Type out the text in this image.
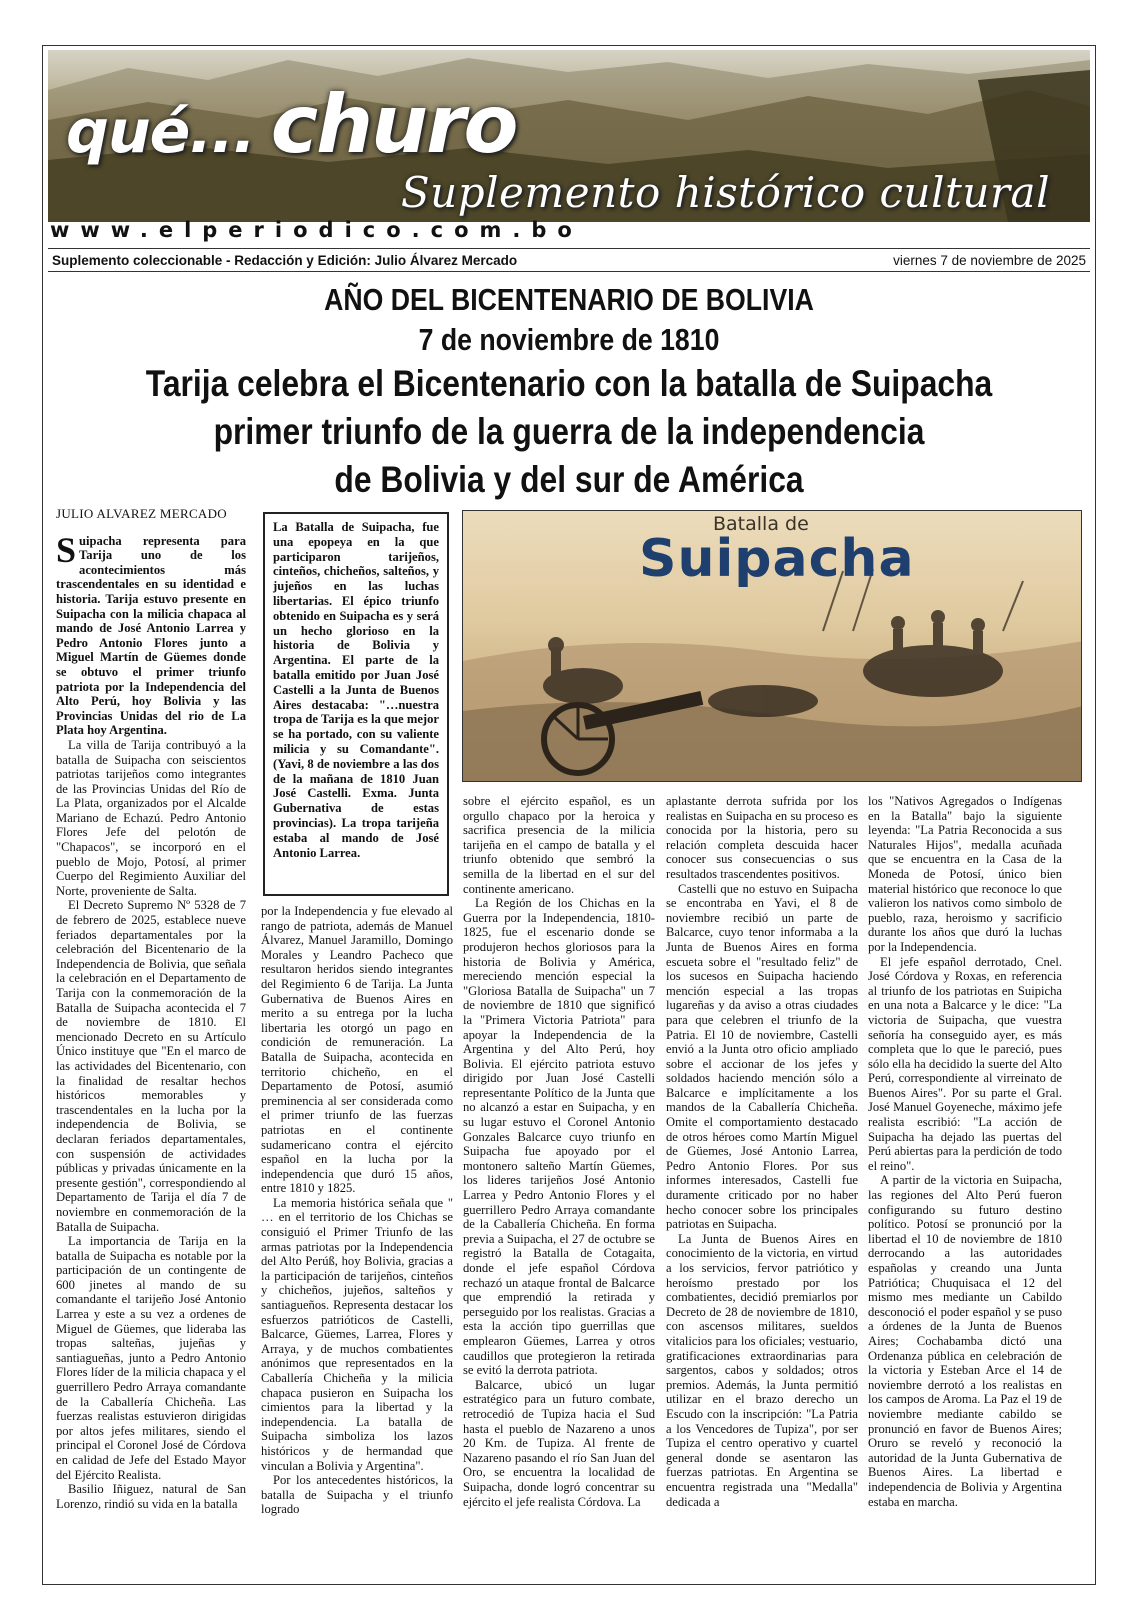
qué... churo
Suplemento histórico cultural
www.elperiodico.com.bo
Suplemento coleccionable - Redacción y Edición: Julio Álvarez Mercado	viernes 7 de noviembre de 2025
AÑO DEL BICENTENARIO DE BOLIVIA
7 de noviembre de 1810
Tarija celebra el Bicentenario con la batalla de Suipacha
primer triunfo de la guerra de la independencia
de Bolivia y del sur de América

JULIO ALVAREZ MERCADO

Suipacha representa para Tarija uno de los acontecimientos más trascendentales en su identidad e historia. Tarija estuvo presente en Suipacha con la milicia chapaca al mando de José Antonio Larrea y Pedro Antonio Flores junto a Miguel Martín de Güemes donde se obtuvo el primer triunfo patriota por la Independencia del Alto Perú, hoy Bolivia y las Provincias Unidas del rio de La Plata hoy Argentina.

La villa de Tarija contribuyó a la batalla de Suipacha con seiscientos patriotas tarijeños como integrantes de las Provincias Unidas del Río de La Plata, organizados por el Alcalde Mariano de Echazú. Pedro Antonio Flores Jefe del pelotón de "Chapacos", se incorporó en el pueblo de Mojo, Potosí, al primer Cuerpo del Regimiento Auxiliar del Norte, proveniente de Salta.

El Decreto Supremo Nº 5328 de 7 de febrero de 2025, establece nueve feriados departamentales por la celebración del Bicentenario de la Independencia de Bolivia, que señala la celebración en el Departamento de Tarija con la conmemoración de la Batalla de Suipacha acontecida el 7 de noviembre de 1810. El mencionado Decreto en su Artículo Único instituye que "En el marco de las actividades del Bicentenario, con la finalidad de resaltar hechos históricos memorables y trascendentales en la lucha por la independencia de Bolivia, se declaran feriados departamentales, con suspensión de actividades públicas y privadas únicamente en la presente gestión", correspondiendo al Departamento de Tarija el día 7 de noviembre en conmemoración de la Batalla de Suipacha.

La importancia de Tarija en la batalla de Suipacha es notable por la participación de un contingente de 600 jinetes al mando de su comandante el tarijeño José Antonio Larrea y este a su vez a ordenes de Miguel de Güemes, que lideraba las tropas salteñas, jujeñas y santiagueñas, junto a Pedro Antonio Flores líder de la milicia chapaca y el guerrillero Pedro Arraya comandante de la Caballería Chicheña. Las fuerzas realistas estuvieron dirigidas por altos jefes militares, siendo el principal el Coronel José de Córdova en calidad de Jefe del Estado Mayor del Ejército Realista.

Basilio Iñiguez, natural de San Lorenzo, rindió su vida en la batalla

La Batalla de Suipacha, fue una epopeya en la que participaron tarijeños, cinteños, chicheños, salteños, y jujeños en las luchas libertarias. El épico triunfo obtenido en Suipacha es y será un hecho glorioso en la historia de Bolivia y Argentina. El parte de la batalla emitido por Juan José Castelli a la Junta de Buenos Aires destacaba: "…nuestra tropa de Tarija es la que mejor se ha portado, con su valiente milicia y su Comandante". (Yavi, 8 de noviembre a las dos de la mañana de 1810 Juan José Castelli. Exma. Junta Gubernativa de estas provincias). La tropa tarijeña estaba al mando de José Antonio Larrea.
Batalla de
Suipacha

por la Independencia y fue elevado al rango de patriota, además de Manuel Álvarez, Manuel Jaramillo, Domingo Morales y Leandro Pacheco que resultaron heridos siendo integrantes del Regimiento 6 de Tarija. La Junta Gubernativa de Buenos Aires en merito a su entrega por la lucha libertaria les otorgó un pago en condición de remuneración. La Batalla de Suipacha, acontecida en territorio chicheño, en el Departamento de Potosí, asumió preminencia al ser considerada como el primer triunfo de las fuerzas patriotas en el continente sudamericano contra el ejército español en la lucha por la independencia que duró 15 años, entre 1810 y 1825.

La memoria histórica señala que " … en el territorio de los Chichas se consiguió el Primer Triunfo de las armas patriotas por la Independencia del Alto Perúß, hoy Bolivia, gracias a la participación de tarijeños, cinteños y chicheños, jujeños, salteños y santiagueños. Representa destacar los esfuerzos patrióticos de Castelli, Balcarce, Güemes, Larrea, Flores y Arraya, y de muchos combatientes anónimos que representados en la Caballería Chicheña y la milicia chapaca pusieron en Suipacha los cimientos para la libertad y la independencia. La batalla de Suipacha simboliza los lazos históricos y de hermandad que vinculan a Bolivia y Argentina".

Por los antecedentes históricos, la batalla de Suipacha y el triunfo logrado

sobre el ejército español, es un orgullo chapaco por la heroica y sacrifica presencia de la milicia tarijeña en el campo de batalla y el triunfo obtenido que sembró la semilla de la libertad en el sur del continente americano.

La Región de los Chichas en la Guerra por la Independencia, 1810-1825, fue el escenario donde se produjeron hechos gloriosos para la historia de Bolivia y América, mereciendo mención especial la "Gloriosa Batalla de Suipacha" un 7 de noviembre de 1810 que significó la "Primera Victoria Patriota" para apoyar la Independencia de la Argentina y del Alto Perú, hoy Bolivia. El ejército patriota estuvo dirigido por Juan José Castelli representante Político de la Junta que no alcanzó a estar en Suipacha, y en su lugar estuvo el Coronel Antonio Gonzales Balcarce cuyo triunfo en Suipacha fue apoyado por el montonero salteño Martín Güemes, los lideres tarijeños José Antonio Larrea y Pedro Antonio Flores y el guerrillero Pedro Arraya comandante de la Caballería Chicheña. En forma previa a Suipacha, el 27 de octubre se registró la Batalla de Cotagaita, donde el jefe español Córdova rechazó un ataque frontal de Balcarce que emprendió la retirada y perseguido por los realistas. Gracias a esta la acción tipo guerrillas que emplearon Güemes, Larrea y otros caudillos que protegieron la retirada se evitó la derrota patriota.

Balcarce, ubicó un lugar estratégico para un futuro combate, retrocedió de Tupiza hacia el Sud hasta el pueblo de Nazareno a unos 20 Km. de Tupiza. Al frente de Nazareno pasando el río San Juan del Oro, se encuentra la localidad de Suipacha, donde logró concentrar su ejército el jefe realista Córdova. La

aplastante derrota sufrida por los realistas en Suipacha en su proceso es conocida por la historia, pero su relación completa descuida hacer conocer sus consecuencias o sus resultados trascendentes positivos.

Castelli que no estuvo en Suipacha se encontraba en Yavi, el 8 de noviembre recibió un parte de Balcarce, cuyo tenor informaba a la Junta de Buenos Aires en forma escueta sobre el "resultado feliz" de los sucesos en Suipacha haciendo mención especial a las tropas lugareñas y da aviso a otras ciudades para que celebren el triunfo de la Patria. El 10 de noviembre, Castelli envió a la Junta otro oficio ampliado sobre el accionar de los jefes y soldados haciendo mención sólo a Balcarce e implícitamente a los mandos de la Caballería Chicheña. Omite el comportamiento destacado de otros héroes como Martín Miguel de Güemes, José Antonio Larrea, Pedro Antonio Flores. Por sus informes interesados, Castelli fue duramente criticado por no haber hecho conocer sobre los principales patriotas en Suipacha.

La Junta de Buenos Aires en conocimiento de la victoria, en virtud a los servicios, fervor patriótico y heroísmo prestado por los combatientes, decidió premiarlos por Decreto de 28 de noviembre de 1810, con ascensos militares, sueldos vitalicios para los oficiales; vestuario, gratificaciones extraordinarias para sargentos, cabos y soldados; otros premios. Además, la Junta permitió utilizar en el brazo derecho un Escudo con la inscripción: "La Patria a los Vencedores de Tupiza", por ser Tupiza el centro operativo y cuartel general donde se asentaron las fuerzas patriotas. En Argentina se encuentra registrada una "Medalla" dedicada a

los "Nativos Agregados o Indígenas en la Batalla" bajo la siguiente leyenda: "La Patria Reconocida a sus Naturales Hijos", medalla acuñada que se encuentra en la Casa de la Moneda de Potosí, único bien material histórico que reconoce lo que valieron los nativos como simbolo de pueblo, raza, heroismo y sacrificio durante los años que duró la luchas por la Independencia.

El jefe español derrotado, Cnel. José Córdova y Roxas, en referencia al triunfo de los patriotas en Suipicha en una nota a Balcarce y le dice: "La victoria de Suipacha, que vuestra señoría ha conseguido ayer, es más completa que lo que le pareció, pues sólo ella ha decidido la suerte del Alto Perú, correspondiente al virreinato de Buenos Aires". Por su parte el Gral. José Manuel Goyeneche, máximo jefe realista escribió: "La acción de Suipacha ha dejado las puertas del Perú abiertas para la perdición de todo el reino".

A partir de la victoria en Suipacha, las regiones del Alto Perú fueron configurando su futuro destino político. Potosí se pronunció por la libertad el 10 de noviembre de 1810 derrocando a las autoridades españolas y creando una Junta Patriótica; Chuquisaca el 12 del mismo mes mediante un Cabildo desconoció el poder español y se puso a órdenes de la Junta de Buenos Aires; Cochabamba dictó una Ordenanza pública en celebración de la victoria y Esteban Arce el 14 de noviembre derrotó a los realistas en los campos de Aroma. La Paz el 19 de noviembre mediante cabildo se pronunció en favor de Buenos Aires; Oruro se reveló y reconoció la autoridad de la Junta Gubernativa de Buenos Aires. La libertad e independencia de Bolivia y Argentina estaba en marcha.
